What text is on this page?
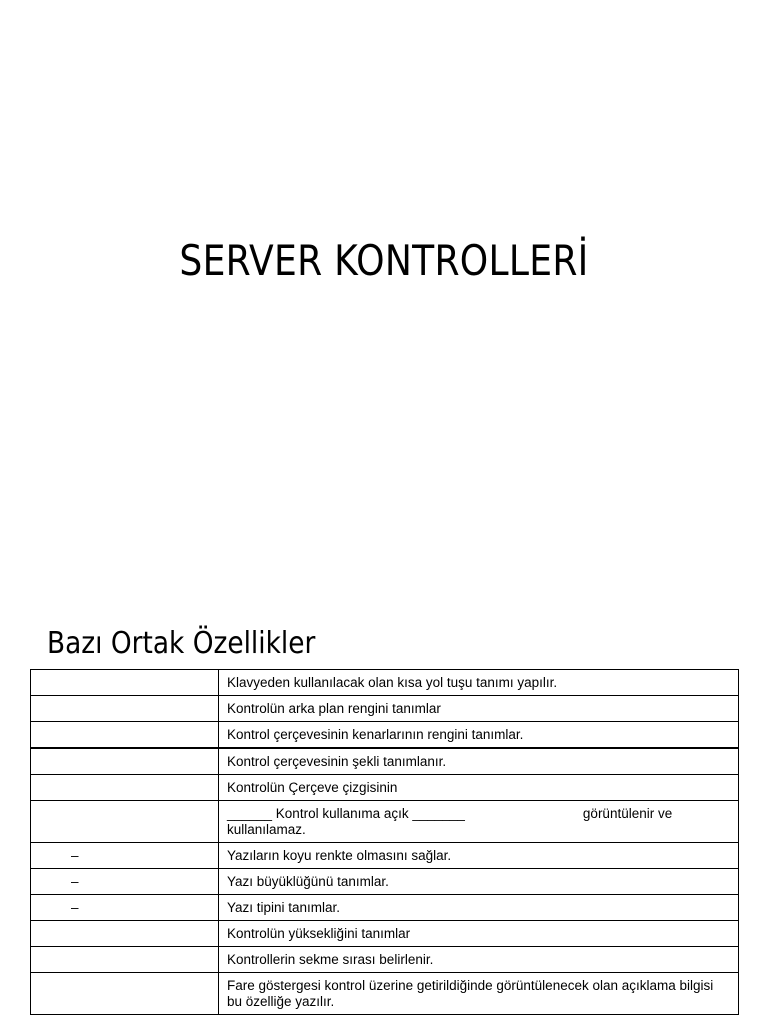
SERVER KONTROLLERİ
Bazı Ortak Özellikler
	Klavyeden kullanılacak olan kısa yol tuşu tanımı yapılır.
	Kontrolün arka plan rengini tanımlar
	Kontrol çerçevesinin kenarlarının rengini tanımlar.
	Kontrol çerçevesinin şekli tanımlanır.
	Kontrolün Çerçeve çizgisinin
	______ Kontrol kullanıma açık _______ görüntülenir ve kullanılamaz.
–	Yazıların koyu renkte olmasını sağlar.
–	Yazı büyüklüğünü tanımlar.
–	Yazı tipini tanımlar.
	Kontrolün yüksekliğini tanımlar
	Kontrollerin sekme sırası belirlenir.
	Fare göstergesi kontrol üzerine getirildiğinde görüntülenecek olan açıklama bilgisi bu özelliğe yazılır.
